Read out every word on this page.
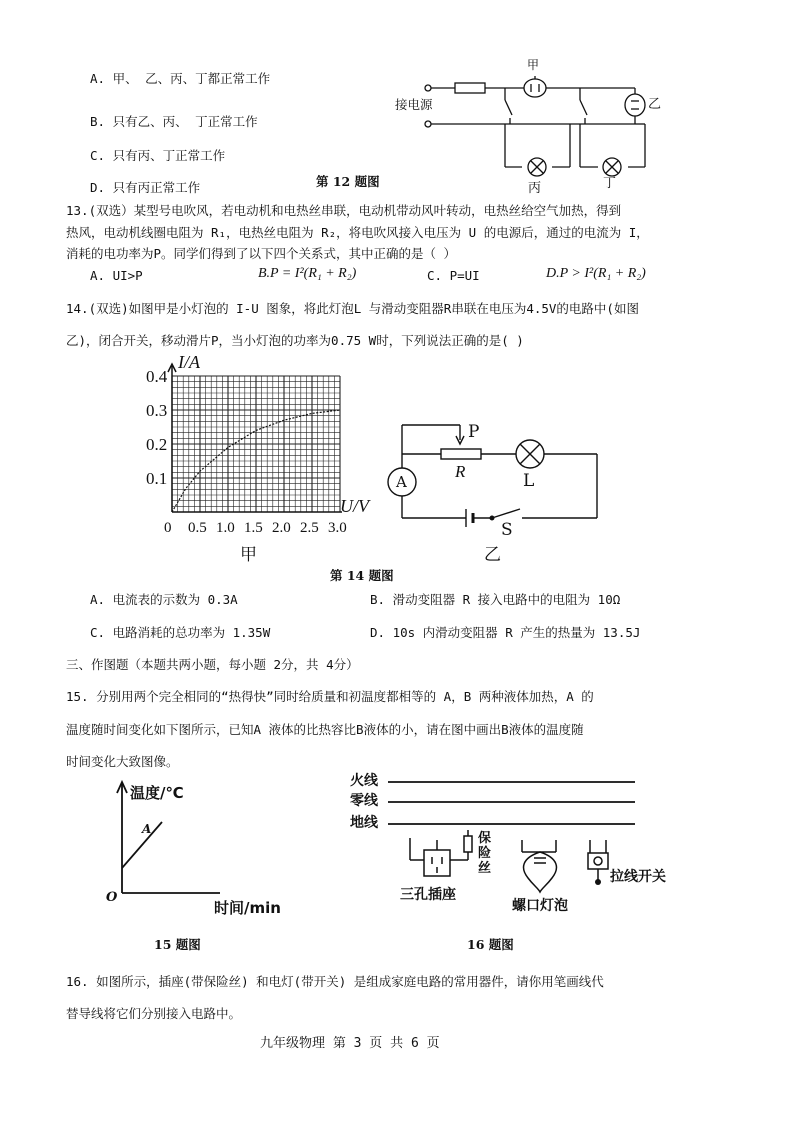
A. 甲、 乙、丙、丁都正常工作
B. 只有乙、丙、 丁正常工作
C. 只有丙、丁正常工作
D. 只有丙正常工作
甲
乙
接电源
丙	丁
第 12 题图
13.(双选）某型号电吹风，若电动机和电热丝串联，电动机带动风叶转动，电热丝给空气加热，得到
热风，电动机线圈电阻为 R₁，电热丝电阻为 R₂，将电吹风接入电压为 U 的电源后，通过的电流为 I，
消耗的电功率为P。同学们得到了以下四个关系式，其中正确的是（ ）
A. UI>P	B.P = I²(R₁ + R₂)	C. P=UI	D.P > I²(R₁ + R₂)
14.(双选)如图甲是小灯泡的 I-U 图象，将此灯泡L 与滑动变阻器R串联在电压为4.5V的电路中(如图
乙)，闭合开关，移动滑片P，当小灯泡的功率为0.75 W时，下列说法正确的是( )
0.4
0.3
0.2
0.1
0 0.5 1.0 1.5 2.0 2.5 3.0
I/A
U/V
甲
P
R	L
A
S
乙
第 14 题图
A. 电流表的示数为 0.3A	B. 滑动变阻器 R 接入电路中的电阻为 10Ω
C. 电路消耗的总功率为 1.35W	D. 10s 内滑动变阻器 R 产生的热量为 13.5J
三、作图题（本题共两小题，每小题 2分，共 4分）
15. 分别用两个完全相同的“热得快”同时给质量和初温度都相等的 A，B 两种液体加热，A 的
温度随时间变化如下图所示，已知A 液体的比热容比B液体的小，请在图中画出B液体的温度随
时间变化大致图像。
温度/℃
时间/min
O
A
15 题图
火线
零线
地线
保险丝
三孔插座
螺口灯泡
拉线开关
16 题图
16. 如图所示，插座(带保险丝) 和电灯(带开关) 是组成家庭电路的常用器件，请你用笔画线代
替导线将它们分别接入电路中。
九年级物理 第 3 页 共 6 页
